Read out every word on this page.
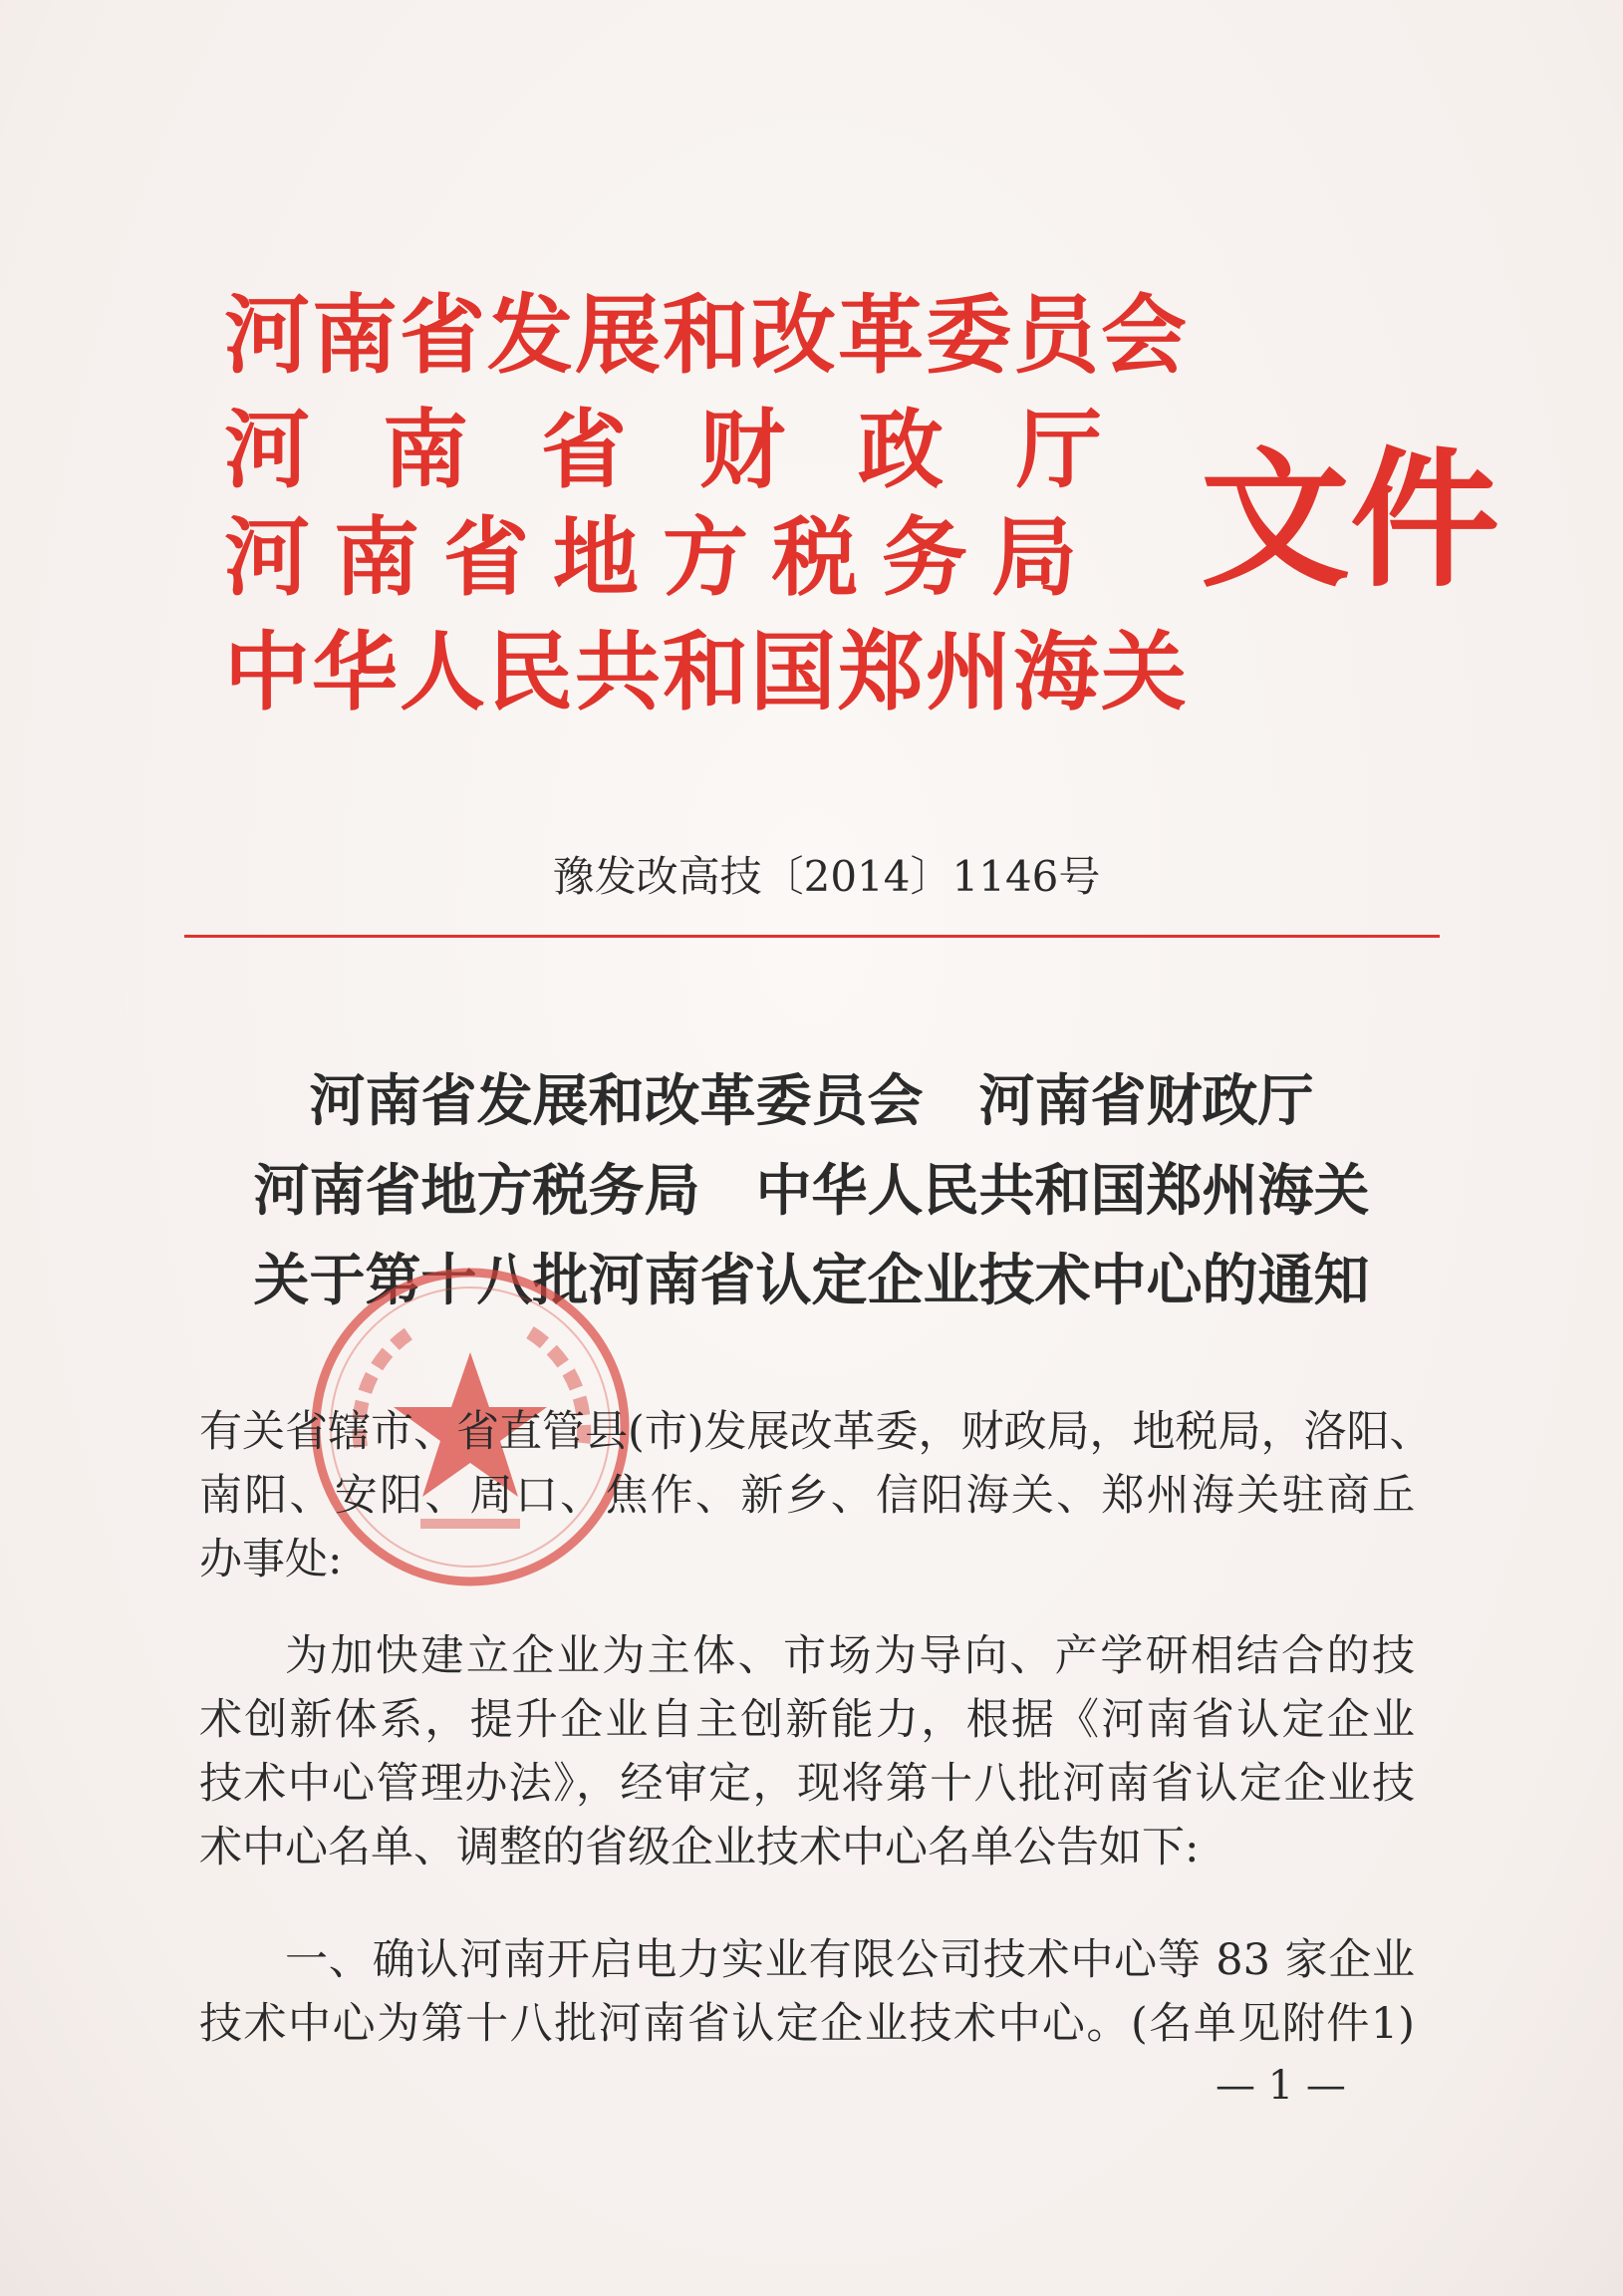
河南省发展和改革委员会
河南省财政厅
河南省地方税务局
中华人民共和国郑州海关
文件
豫发改高技〔2014〕1146号
河南省发展和改革委员会　河南省财政厅
河南省地方税务局　中华人民共和国郑州海关
关于第十八批河南省认定企业技术中心的通知
有关省辖市、省直管县(市)发展改革委，财政局，地税局，洛阳、
南阳、安阳、周口、焦作、新乡、信阳海关、郑州海关驻商丘
办事处:
为加快建立企业为主体、市场为导向、产学研相结合的技
术创新体系，提升企业自主创新能力，根据《河南省认定企业
技术中心管理办法》，经审定，现将第十八批河南省认定企业技
术中心名单、调整的省级企业技术中心名单公告如下:
一、确认河南开启电力实业有限公司技术中心等 83 家企业
技术中心为第十八批河南省认定企业技术中心。(名单见附件1)
— 1 —
